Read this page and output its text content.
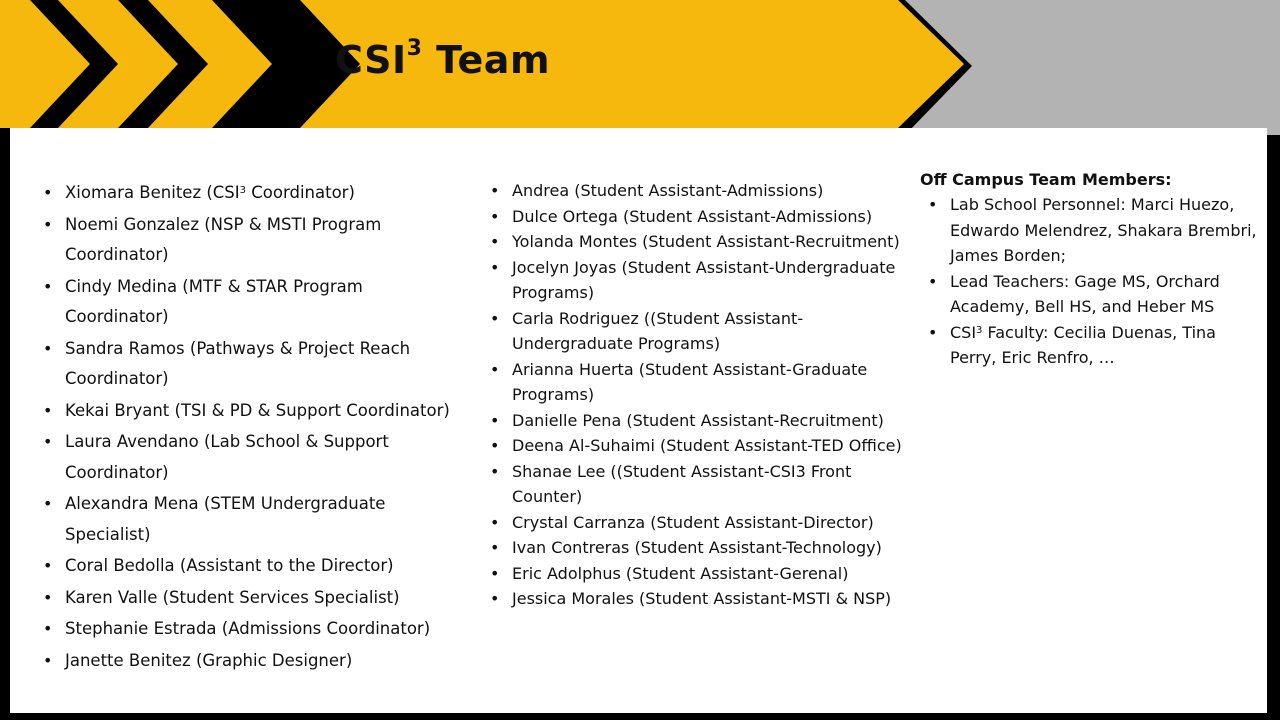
CSI$^3$ Team
• Xiomara Benitez (CSI$^3$ Coordinator)
• Noemi Gonzalez (NSP & MSTI Program Coordinator)
• Cindy Medina (MTF & STAR Program Coordinator)
• Sandra Ramos (Pathways & Project Reach Coordinator)
• Kekai Bryant (TSI & PD & Support Coordinator)
• Laura Avendano (Lab School & Support Coordinator)
• Alexandra Mena (STEM Undergraduate Specialist)
• Coral Bedolla (Assistant to the Director)
• Karen Valle (Student Services Specialist)
• Stephanie Estrada (Admissions Coordinator)
• Janette Benitez (Graphic Designer)
• Andrea (Student Assistant-Admissions)
• Dulce Ortega (Student Assistant-Admissions)
• Yolanda Montes (Student Assistant-Recruitment)
• Jocelyn Joyas (Student Assistant-Undergraduate Programs)
• Carla Rodriguez ((Student Assistant-Undergraduate Programs)
• Arianna Huerta (Student Assistant-Graduate Programs)
• Danielle Pena (Student Assistant-Recruitment)
• Deena Al-Suhaimi (Student Assistant-TED Office)
• Shanae Lee ((Student Assistant-CSI3 Front Counter)
• Crystal Carranza (Student Assistant-Director)
• Ivan Contreras (Student Assistant-Technology)
• Eric Adolphus (Student Assistant-Gerenal)
• Jessica Morales (Student Assistant-MSTI & NSP)

Off Campus Team Members:

• Lab School Personnel: Marci Huezo, Edwardo Melendrez, Shakara Brembri, James Borden;
• Lead Teachers: Gage MS, Orchard Academy, Bell HS, and Heber MS
• CSI$^3$ Faculty: Cecilia Duenas, Tina Perry, Eric Renfro, …
